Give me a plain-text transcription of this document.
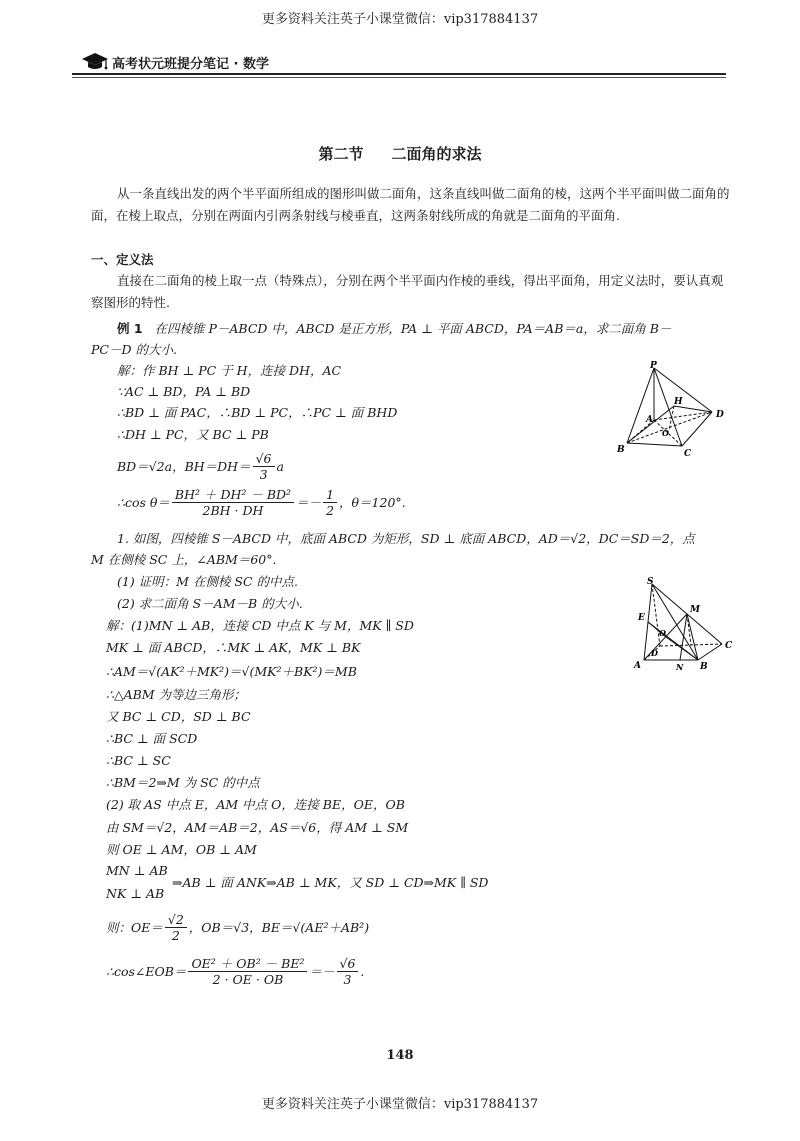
更多资料关注英子小课堂微信：vip317884137
高考状元班提分笔记 · 数学
第二节 二面角的求法
从一条直线出发的两个半平面所组成的图形叫做二面角，这条直线叫做二面角的棱，这两个半平面叫做二面角的面，在棱上取点，分别在两面内引两条射线与棱垂直，这两条射线所成的角就是二面角的平面角.
一、定义法
直接在二面角的棱上取一点（特殊点），分别在两个半平面内作棱的垂线，得出平面角，用定义法时，要认真观察图形的特性.
例 1 在四棱锥 P－ABCD 中，ABCD 是正方形，PA ⊥ 平面 ABCD，PA＝AB＝a，求二面角 B－
PC－D 的大小.
解：作 BH ⊥ PC 于 H，连接 DH，AC
∵AC ⊥ BD，PA ⊥ BD
∴BD ⊥ 面 PAC，∴BD ⊥ PC，∴PC ⊥ 面 BHD
∴DH ⊥ PC，又 BC ⊥ PB
BD＝√2a，$BH=DH= \frac{√6}{3}$ a
∴cos $\theta= \frac{\text{BH² ＋ DH² － BD²}}{2BH \cdot DH} =- \frac{1}{2}$ ，θ＝120°.
P
A
B	C
D
H
O
1. 如图，四棱锥 S－ABCD 中，底面 ABCD 为矩形，SD ⊥ 底面 ABCD，AD＝√2，DC＝SD＝2，点
M 在侧棱 SC 上，∠ABM＝60°.
(1) 证明：M 在侧棱 SC 的中点.
(2) 求二面角 S－AM－B 的大小.
解：(1)MN ⊥ AB，连接 CD 中点 K 与 M，MK ∥ SD
MK ⊥ 面 ABCD，∴MK ⊥ AK，MK ⊥ BK
∴AM＝√(AK²＋MK²)＝√(MK²＋BK²)＝MB
∴△ABM 为等边三角形；
又 BC ⊥ CD，SD ⊥ BC
∴BC ⊥ 面 SCD
∴BC ⊥ SC
∴BM＝2⇒M 为 SC 的中点
(2) 取 AS 中点 E，AM 中点 O，连接 BE，OE，OB
由 SM＝√2，AM＝AB＝2，AS＝√6，得 AM ⊥ SM
则 OE ⊥ AM，OB ⊥ AM
MN ⊥ AB
NK ⊥ AB
⇒AB ⊥ 面 ANK⇒AB ⊥ MK，又 SD ⊥ CD⇒MK ∥ SD
则：$OE= \frac{√2}{2}$ ，OB＝√3，BE＝√(AE²＋AB²)
∴cos∠EOB＝ $\frac{\text{OE² ＋ OB² － BE²}}{2 \cdot OE \cdot OB} =- \frac{√6}{3}$ .
S
E
M
O
D
C
A	N B
148
更多资料关注英子小课堂微信：vip317884137
